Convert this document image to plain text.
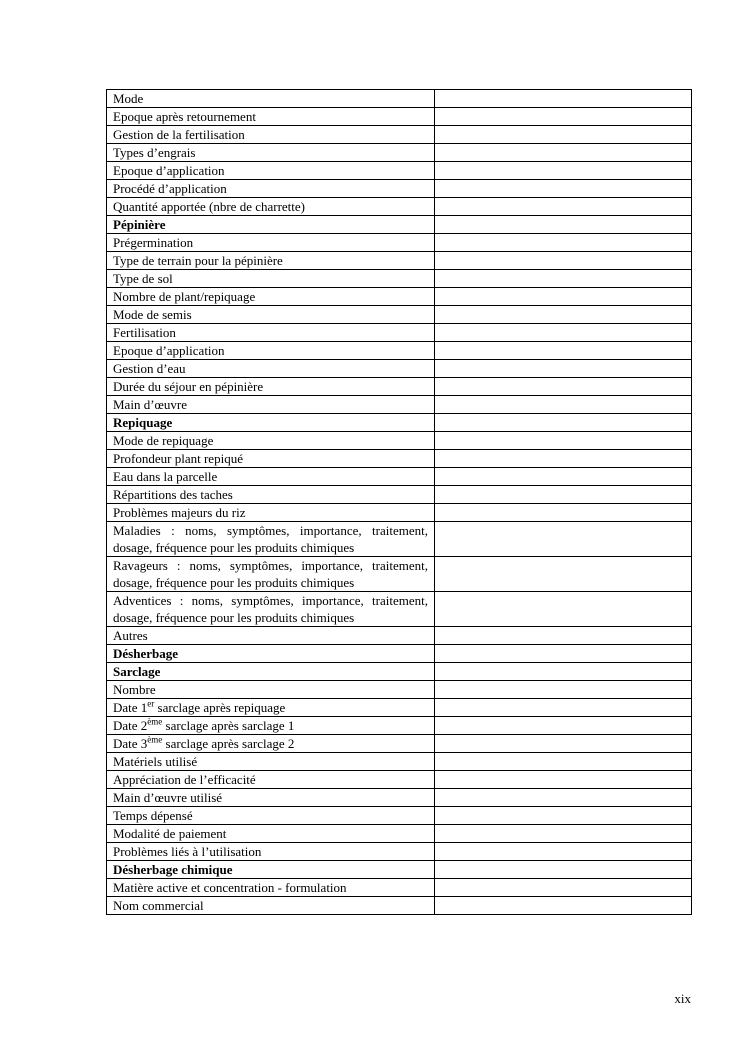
Mode	
Epoque après retournement	
Gestion de la fertilisation	
Types d’engrais	
Epoque d’application	
Procédé d’application	
Quantité apportée (nbre de charrette)	
Pépinière	
Prégermination	
Type de terrain pour la pépinière	
Type de sol	
Nombre de plant/repiquage	
Mode de semis	
Fertilisation	
Epoque d’application	
Gestion d’eau	
Durée du séjour en pépinière	
Main d’œuvre	
Repiquage	
Mode de repiquage	
Profondeur plant repiqué	
Eau dans la parcelle	
Répartitions des taches	
Problèmes majeurs du riz	
Maladies : noms, symptômes, importance, traitement, dosage, fréquence pour les produits chimiques	
Ravageurs : noms, symptômes, importance, traitement, dosage, fréquence pour les produits chimiques	
Adventices : noms, symptômes, importance, traitement, dosage, fréquence pour les produits chimiques	
Autres	
Désherbage	
Sarclage	
Nombre	
Date 1er sarclage après repiquage	
Date 2ème sarclage après sarclage 1	
Date 3ème sarclage après sarclage 2	
Matériels utilisé	
Appréciation de l’efficacité	
Main d’œuvre utilisé	
Temps dépensé	
Modalité de paiement	
Problèmes liés à l’utilisation	
Désherbage chimique	
Matière active et concentration - formulation	
Nom commercial	
xix
